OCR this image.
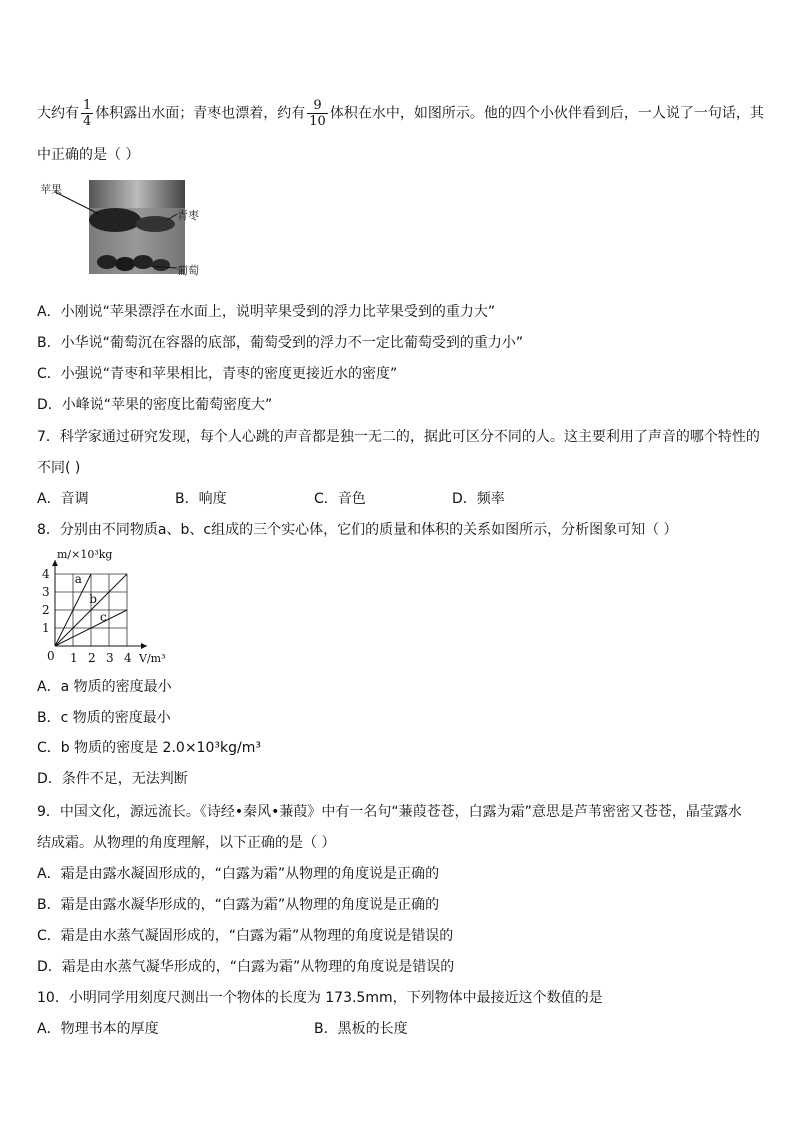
大约有 $\frac{1}{4}$ 体积露出水面；青枣也漂着，约有 $\frac{9}{10}$ 体积在水中，如图所示。他的四个小伙伴看到后，一人说了一句话，其
中正确的是（ ）
苹果
青枣
葡萄
A．小刚说“苹果漂浮在水面上，说明苹果受到的浮力比苹果受到的重力大”
B．小华说“葡萄沉在容器的底部，葡萄受到的浮力不一定比葡萄受到的重力小”
C．小强说“青枣和苹果相比，青枣的密度更接近水的密度”
D．小峰说“苹果的密度比葡萄密度大”
7．科学家通过研究发现，每个人心跳的声音都是独一无二的，据此可区分不同的人。这主要利用了声音的哪个特性的
不同( )
A．音调	B．响度	C．音色	D．频率
8．分别由不同物质a、b、c组成的三个实心体，它们的质量和体积的关系如图所示，分析图象可知（ ）
1 2 3 4
1
2
3
4
0
m/×10³kg
V/m³
a
b
c
A．a 物质的密度最小
B．c 物质的密度最小
C．b 物质的密度是 2.0×10³kg/m³
D．条件不足，无法判断
9．中国文化，源远流长。《诗经•秦风•蒹葭》中有一名句“蒹葭苍苍，白露为霜”意思是芦苇密密又苍苍，晶莹露水
结成霜。从物理的角度理解，以下正确的是（ ）
A．霜是由露水凝固形成的，“白露为霜”从物理的角度说是正确的
B．霜是由露水凝华形成的，“白露为霜”从物理的角度说是正确的
C．霜是由水蒸气凝固形成的，“白露为霜”从物理的角度说是错误的
D．霜是由水蒸气凝华形成的，“白露为霜”从物理的角度说是错误的
10．小明同学用刻度尺测出一个物体的长度为 173.5mm，下列物体中最接近这个数值的是
A．物理书本的厚度	B．黑板的长度
